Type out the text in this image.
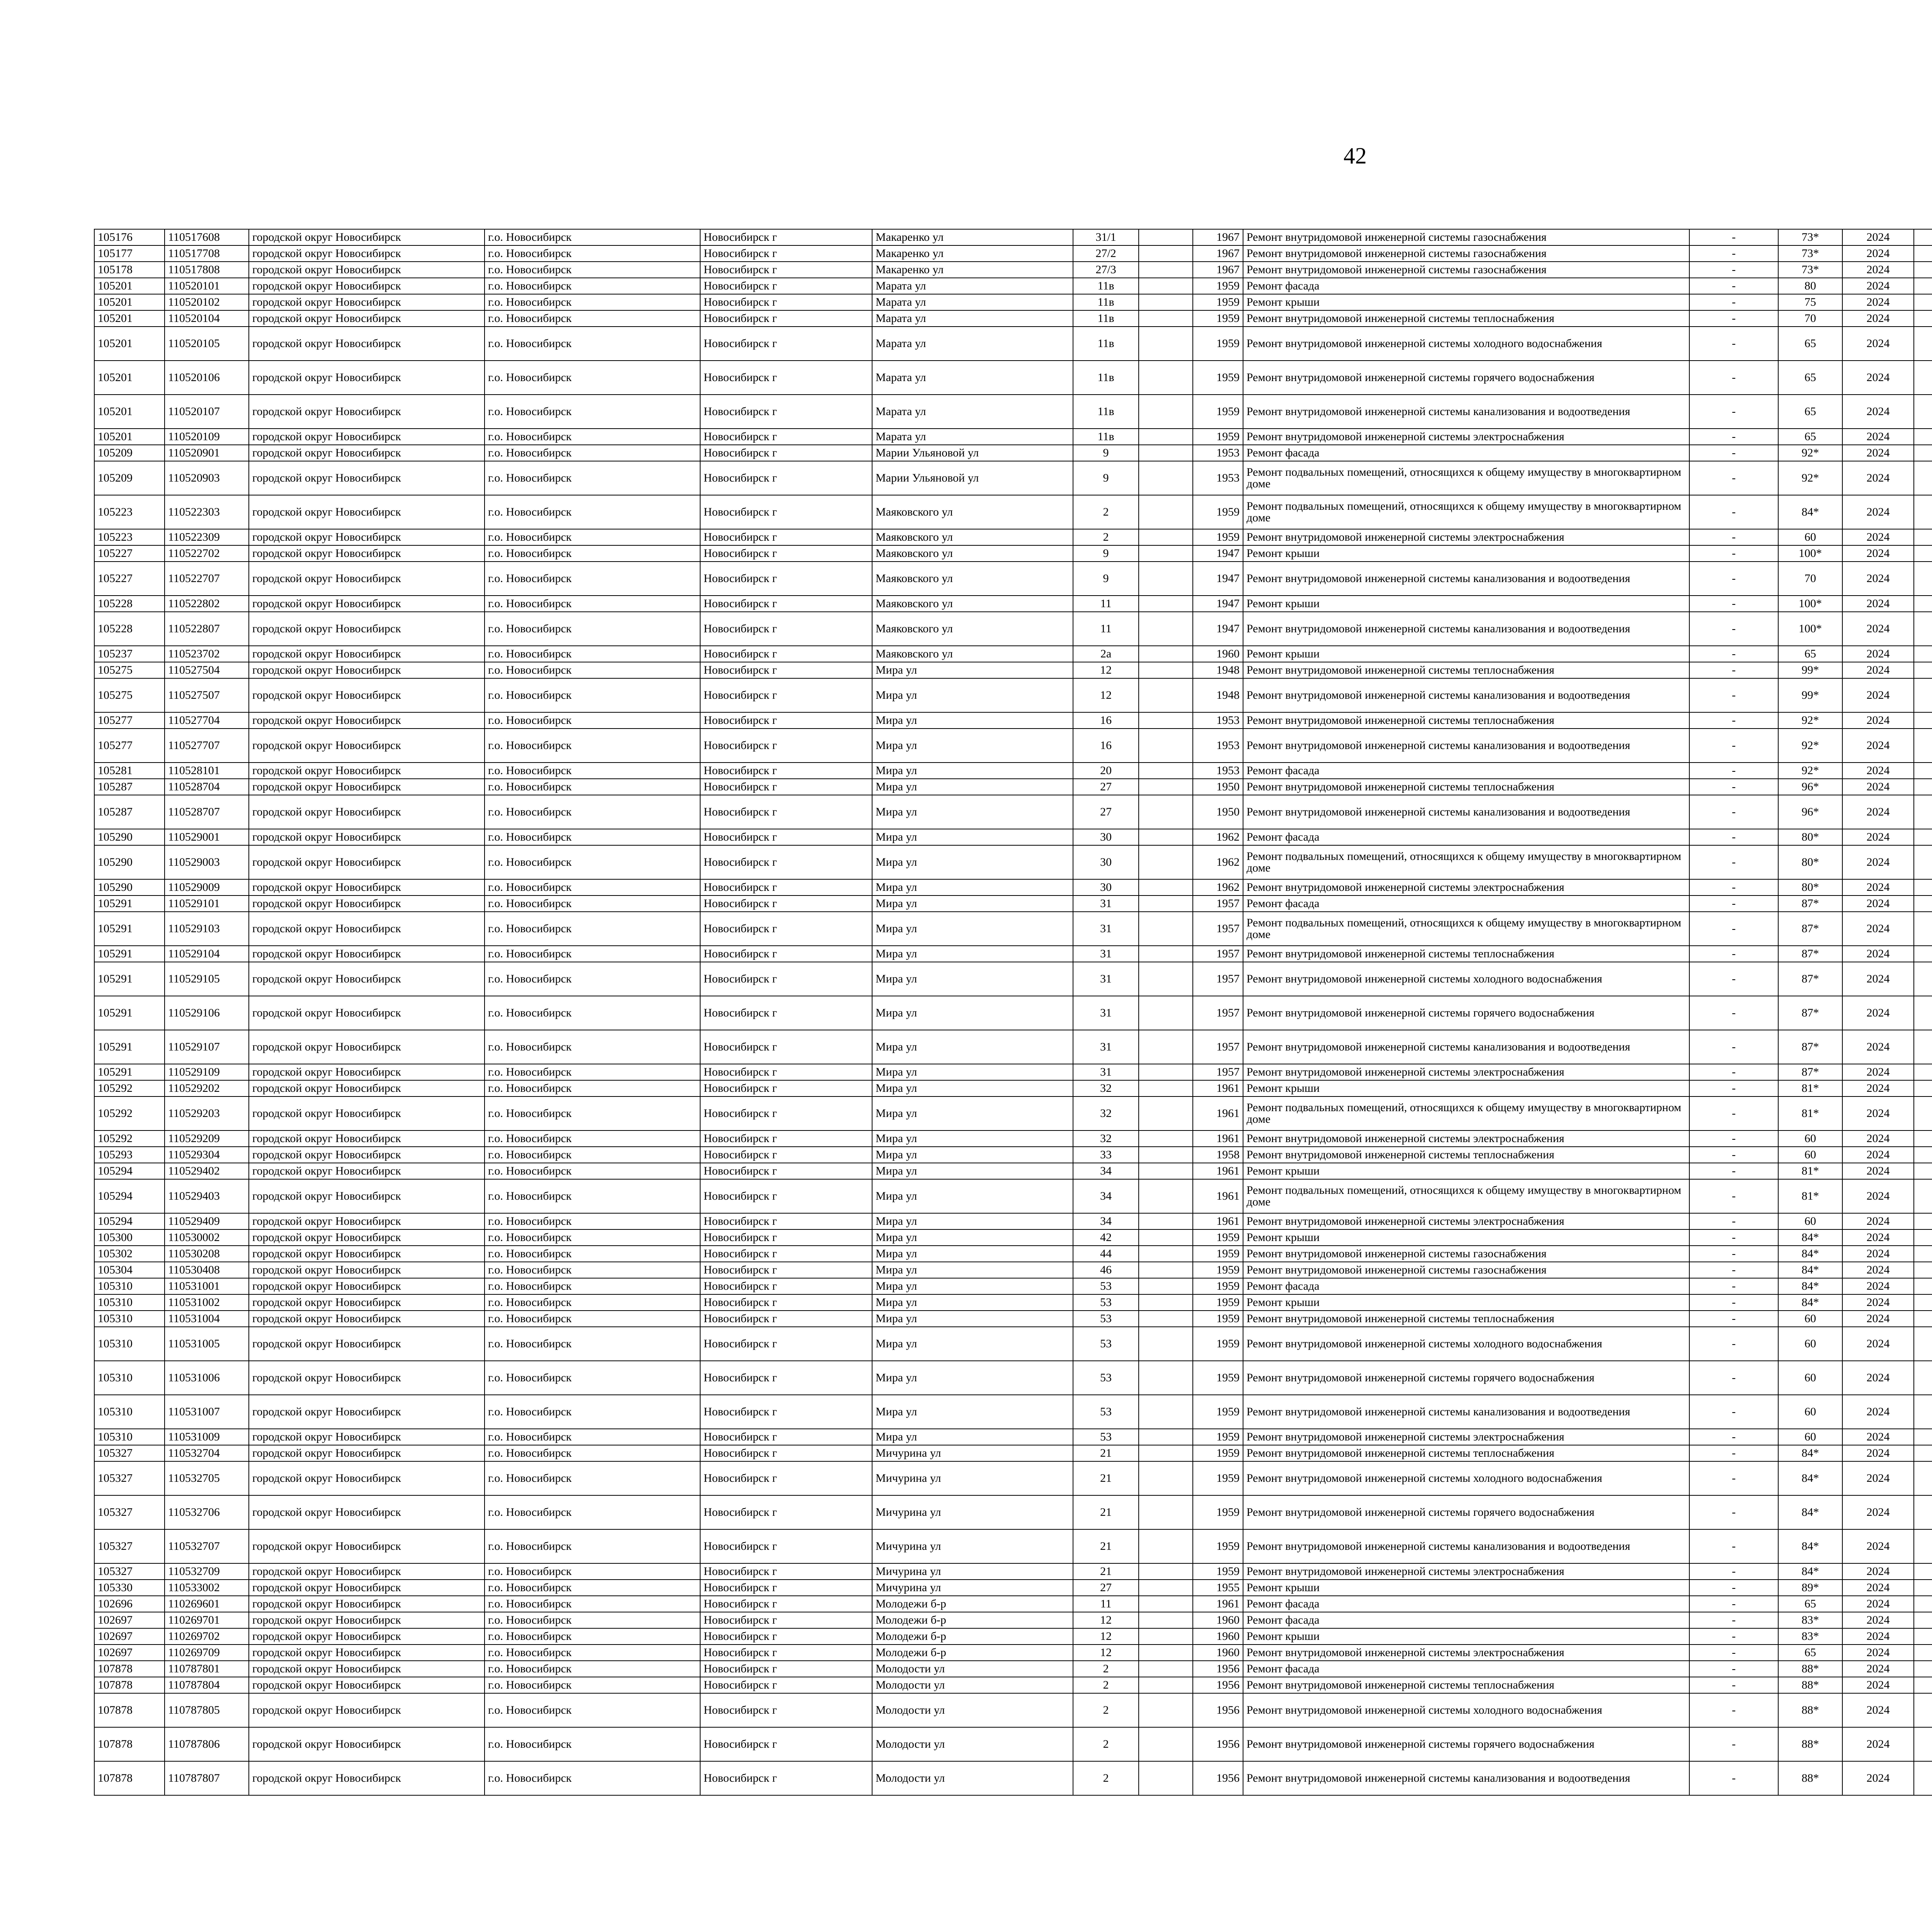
42
105176	110517608	городской округ Новосибирск	г.о. Новосибирск	Новосибирск г	Макаренко ул	31/1		1967	Ремонт внутридомовой инженерной системы газоснабжения	-	73*	2024						
105177	110517708	городской округ Новосибирск	г.о. Новосибирск	Новосибирск г	Макаренко ул	27/2		1967	Ремонт внутридомовой инженерной системы газоснабжения	-	73*	2024						
105178	110517808	городской округ Новосибирск	г.о. Новосибирск	Новосибирск г	Макаренко ул	27/3		1967	Ремонт внутридомовой инженерной системы газоснабжения	-	73*	2024						
105201	110520101	городской округ Новосибирск	г.о. Новосибирск	Новосибирск г	Марата ул	11в		1959	Ремонт фасада	-	80	2024						
105201	110520102	городской округ Новосибирск	г.о. Новосибирск	Новосибирск г	Марата ул	11в		1959	Ремонт крыши	-	75	2024						
105201	110520104	городской округ Новосибирск	г.о. Новосибирск	Новосибирск г	Марата ул	11в		1959	Ремонт внутридомовой инженерной системы теплоснабжения	-	70	2024						
105201	110520105	городской округ Новосибирск	г.о. Новосибирск	Новосибирск г	Марата ул	11в		1959	Ремонт внутридомовой инженерной системы холодного водоснабжения	-	65	2024						
105201	110520106	городской округ Новосибирск	г.о. Новосибирск	Новосибирск г	Марата ул	11в		1959	Ремонт внутридомовой инженерной системы горячего водоснабжения	-	65	2024						
105201	110520107	городской округ Новосибирск	г.о. Новосибирск	Новосибирск г	Марата ул	11в		1959	Ремонт внутридомовой инженерной системы канализования и водоотведения	-	65	2024						
105201	110520109	городской округ Новосибирск	г.о. Новосибирск	Новосибирск г	Марата ул	11в		1959	Ремонт внутридомовой инженерной системы электроснабжения	-	65	2024						
105209	110520901	городской округ Новосибирск	г.о. Новосибирск	Новосибирск г	Марии Ульяновой ул	9		1953	Ремонт фасада	-	92*	2024						
105209	110520903	городской округ Новосибирск	г.о. Новосибирск	Новосибирск г	Марии Ульяновой ул	9		1953	Ремонт подвальных помещений, относящихся к общему имуществу в многоквартирном доме	-	92*	2024						
105223	110522303	городской округ Новосибирск	г.о. Новосибирск	Новосибирск г	Маяковского ул	2		1959	Ремонт подвальных помещений, относящихся к общему имуществу в многоквартирном доме	-	84*	2024						
105223	110522309	городской округ Новосибирск	г.о. Новосибирск	Новосибирск г	Маяковского ул	2		1959	Ремонт внутридомовой инженерной системы электроснабжения	-	60	2024						
105227	110522702	городской округ Новосибирск	г.о. Новосибирск	Новосибирск г	Маяковского ул	9		1947	Ремонт крыши	-	100*	2024						
105227	110522707	городской округ Новосибирск	г.о. Новосибирск	Новосибирск г	Маяковского ул	9		1947	Ремонт внутридомовой инженерной системы канализования и водоотведения	-	70	2024						
105228	110522802	городской округ Новосибирск	г.о. Новосибирск	Новосибирск г	Маяковского ул	11		1947	Ремонт крыши	-	100*	2024						
105228	110522807	городской округ Новосибирск	г.о. Новосибирск	Новосибирск г	Маяковского ул	11		1947	Ремонт внутридомовой инженерной системы канализования и водоотведения	-	100*	2024						
105237	110523702	городской округ Новосибирск	г.о. Новосибирск	Новосибирск г	Маяковского ул	2а		1960	Ремонт крыши	-	65	2024						
105275	110527504	городской округ Новосибирск	г.о. Новосибирск	Новосибирск г	Мира ул	12		1948	Ремонт внутридомовой инженерной системы теплоснабжения	-	99*	2024						
105275	110527507	городской округ Новосибирск	г.о. Новосибирск	Новосибирск г	Мира ул	12		1948	Ремонт внутридомовой инженерной системы канализования и водоотведения	-	99*	2024						
105277	110527704	городской округ Новосибирск	г.о. Новосибирск	Новосибирск г	Мира ул	16		1953	Ремонт внутридомовой инженерной системы теплоснабжения	-	92*	2024						
105277	110527707	городской округ Новосибирск	г.о. Новосибирск	Новосибирск г	Мира ул	16		1953	Ремонт внутридомовой инженерной системы канализования и водоотведения	-	92*	2024						
105281	110528101	городской округ Новосибирск	г.о. Новосибирск	Новосибирск г	Мира ул	20		1953	Ремонт фасада	-	92*	2024						
105287	110528704	городской округ Новосибирск	г.о. Новосибирск	Новосибирск г	Мира ул	27		1950	Ремонт внутридомовой инженерной системы теплоснабжения	-	96*	2024						
105287	110528707	городской округ Новосибирск	г.о. Новосибирск	Новосибирск г	Мира ул	27		1950	Ремонт внутридомовой инженерной системы канализования и водоотведения	-	96*	2024						
105290	110529001	городской округ Новосибирск	г.о. Новосибирск	Новосибирск г	Мира ул	30		1962	Ремонт фасада	-	80*	2024						
105290	110529003	городской округ Новосибирск	г.о. Новосибирск	Новосибирск г	Мира ул	30		1962	Ремонт подвальных помещений, относящихся к общему имуществу в многоквартирном доме	-	80*	2024						
105290	110529009	городской округ Новосибирск	г.о. Новосибирск	Новосибирск г	Мира ул	30		1962	Ремонт внутридомовой инженерной системы электроснабжения	-	80*	2024						
105291	110529101	городской округ Новосибирск	г.о. Новосибирск	Новосибирск г	Мира ул	31		1957	Ремонт фасада	-	87*	2024						
105291	110529103	городской округ Новосибирск	г.о. Новосибирск	Новосибирск г	Мира ул	31		1957	Ремонт подвальных помещений, относящихся к общему имуществу в многоквартирном доме	-	87*	2024						
105291	110529104	городской округ Новосибирск	г.о. Новосибирск	Новосибирск г	Мира ул	31		1957	Ремонт внутридомовой инженерной системы теплоснабжения	-	87*	2024						
105291	110529105	городской округ Новосибирск	г.о. Новосибирск	Новосибирск г	Мира ул	31		1957	Ремонт внутридомовой инженерной системы холодного водоснабжения	-	87*	2024						
105291	110529106	городской округ Новосибирск	г.о. Новосибирск	Новосибирск г	Мира ул	31		1957	Ремонт внутридомовой инженерной системы горячего водоснабжения	-	87*	2024						
105291	110529107	городской округ Новосибирск	г.о. Новосибирск	Новосибирск г	Мира ул	31		1957	Ремонт внутридомовой инженерной системы канализования и водоотведения	-	87*	2024						
105291	110529109	городской округ Новосибирск	г.о. Новосибирск	Новосибирск г	Мира ул	31		1957	Ремонт внутридомовой инженерной системы электроснабжения	-	87*	2024						
105292	110529202	городской округ Новосибирск	г.о. Новосибирск	Новосибирск г	Мира ул	32		1961	Ремонт крыши	-	81*	2024						
105292	110529203	городской округ Новосибирск	г.о. Новосибирск	Новосибирск г	Мира ул	32		1961	Ремонт подвальных помещений, относящихся к общему имуществу в многоквартирном доме	-	81*	2024						
105292	110529209	городской округ Новосибирск	г.о. Новосибирск	Новосибирск г	Мира ул	32		1961	Ремонт внутридомовой инженерной системы электроснабжения	-	60	2024						
105293	110529304	городской округ Новосибирск	г.о. Новосибирск	Новосибирск г	Мира ул	33		1958	Ремонт внутридомовой инженерной системы теплоснабжения	-	60	2024						
105294	110529402	городской округ Новосибирск	г.о. Новосибирск	Новосибирск г	Мира ул	34		1961	Ремонт крыши	-	81*	2024						
105294	110529403	городской округ Новосибирск	г.о. Новосибирск	Новосибирск г	Мира ул	34		1961	Ремонт подвальных помещений, относящихся к общему имуществу в многоквартирном доме	-	81*	2024						
105294	110529409	городской округ Новосибирск	г.о. Новосибирск	Новосибирск г	Мира ул	34		1961	Ремонт внутридомовой инженерной системы электроснабжения	-	60	2024						
105300	110530002	городской округ Новосибирск	г.о. Новосибирск	Новосибирск г	Мира ул	42		1959	Ремонт крыши	-	84*	2024						
105302	110530208	городской округ Новосибирск	г.о. Новосибирск	Новосибирск г	Мира ул	44		1959	Ремонт внутридомовой инженерной системы газоснабжения	-	84*	2024						
105304	110530408	городской округ Новосибирск	г.о. Новосибирск	Новосибирск г	Мира ул	46		1959	Ремонт внутридомовой инженерной системы газоснабжения	-	84*	2024						
105310	110531001	городской округ Новосибирск	г.о. Новосибирск	Новосибирск г	Мира ул	53		1959	Ремонт фасада	-	84*	2024						
105310	110531002	городской округ Новосибирск	г.о. Новосибирск	Новосибирск г	Мира ул	53		1959	Ремонт крыши	-	84*	2024						
105310	110531004	городской округ Новосибирск	г.о. Новосибирск	Новосибирск г	Мира ул	53		1959	Ремонт внутридомовой инженерной системы теплоснабжения	-	60	2024						
105310	110531005	городской округ Новосибирск	г.о. Новосибирск	Новосибирск г	Мира ул	53		1959	Ремонт внутридомовой инженерной системы холодного водоснабжения	-	60	2024						
105310	110531006	городской округ Новосибирск	г.о. Новосибирск	Новосибирск г	Мира ул	53		1959	Ремонт внутридомовой инженерной системы горячего водоснабжения	-	60	2024						
105310	110531007	городской округ Новосибирск	г.о. Новосибирск	Новосибирск г	Мира ул	53		1959	Ремонт внутридомовой инженерной системы канализования и водоотведения	-	60	2024						
105310	110531009	городской округ Новосибирск	г.о. Новосибирск	Новосибирск г	Мира ул	53		1959	Ремонт внутридомовой инженерной системы электроснабжения	-	60	2024						
105327	110532704	городской округ Новосибирск	г.о. Новосибирск	Новосибирск г	Мичурина ул	21		1959	Ремонт внутридомовой инженерной системы теплоснабжения	-	84*	2024						
105327	110532705	городской округ Новосибирск	г.о. Новосибирск	Новосибирск г	Мичурина ул	21		1959	Ремонт внутридомовой инженерной системы холодного водоснабжения	-	84*	2024						
105327	110532706	городской округ Новосибирск	г.о. Новосибирск	Новосибирск г	Мичурина ул	21		1959	Ремонт внутридомовой инженерной системы горячего водоснабжения	-	84*	2024						
105327	110532707	городской округ Новосибирск	г.о. Новосибирск	Новосибирск г	Мичурина ул	21		1959	Ремонт внутридомовой инженерной системы канализования и водоотведения	-	84*	2024						
105327	110532709	городской округ Новосибирск	г.о. Новосибирск	Новосибирск г	Мичурина ул	21		1959	Ремонт внутридомовой инженерной системы электроснабжения	-	84*	2024						
105330	110533002	городской округ Новосибирск	г.о. Новосибирск	Новосибирск г	Мичурина ул	27		1955	Ремонт крыши	-	89*	2024						
102696	110269601	городской округ Новосибирск	г.о. Новосибирск	Новосибирск г	Молодежи б-р	11		1961	Ремонт фасада	-	65	2024						
102697	110269701	городской округ Новосибирск	г.о. Новосибирск	Новосибирск г	Молодежи б-р	12		1960	Ремонт фасада	-	83*	2024						
102697	110269702	городской округ Новосибирск	г.о. Новосибирск	Новосибирск г	Молодежи б-р	12		1960	Ремонт крыши	-	83*	2024						
102697	110269709	городской округ Новосибирск	г.о. Новосибирск	Новосибирск г	Молодежи б-р	12		1960	Ремонт внутридомовой инженерной системы электроснабжения	-	65	2024						
107878	110787801	городской округ Новосибирск	г.о. Новосибирск	Новосибирск г	Молодости ул	2		1956	Ремонт фасада	-	88*	2024						
107878	110787804	городской округ Новосибирск	г.о. Новосибирск	Новосибирск г	Молодости ул	2		1956	Ремонт внутридомовой инженерной системы теплоснабжения	-	88*	2024						
107878	110787805	городской округ Новосибирск	г.о. Новосибирск	Новосибирск г	Молодости ул	2		1956	Ремонт внутридомовой инженерной системы холодного водоснабжения	-	88*	2024						
107878	110787806	городской округ Новосибирск	г.о. Новосибирск	Новосибирск г	Молодости ул	2		1956	Ремонт внутридомовой инженерной системы горячего водоснабжения	-	88*	2024						
107878	110787807	городской округ Новосибирск	г.о. Новосибирск	Новосибирск г	Молодости ул	2		1956	Ремонт внутридомовой инженерной системы канализования и водоотведения	-	88*	2024						
